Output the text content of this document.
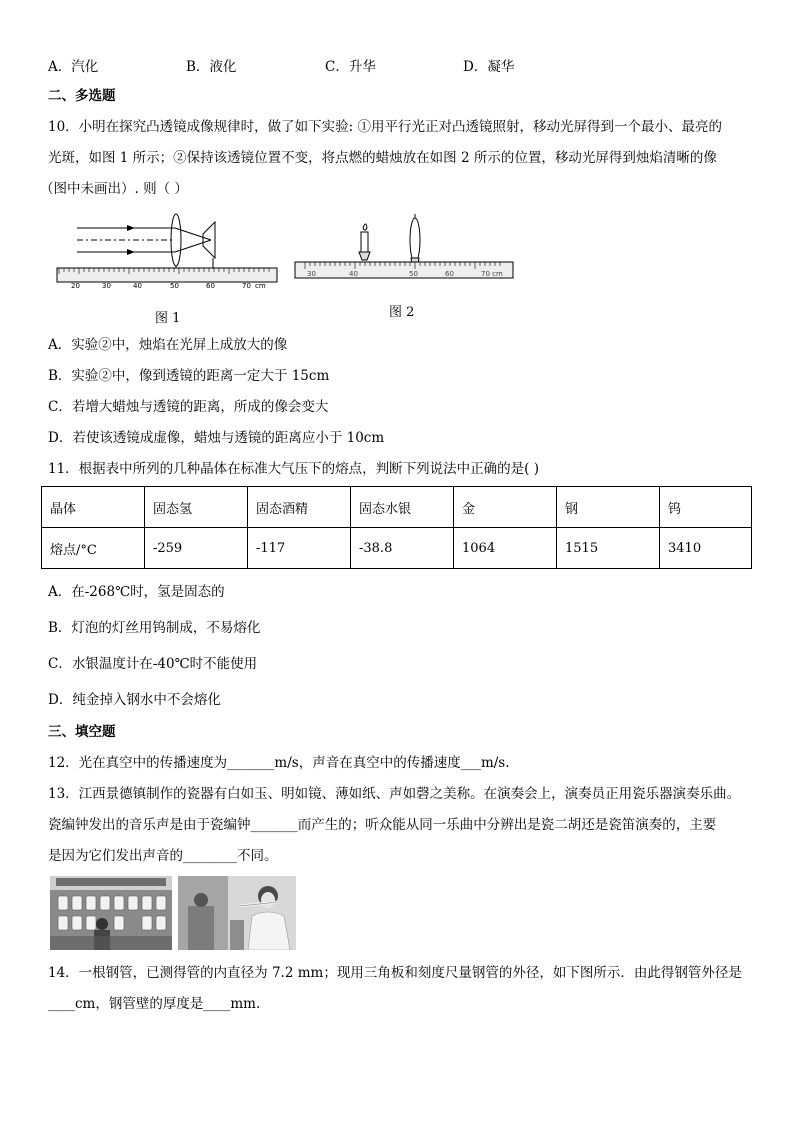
A．汽化	B．液化	C．升华	D．凝华
二、多选题
10．小明在探究凸透镜成像规律时，做了如下实验: ①用平行光正对凸透镜照射，移动光屏得到一个最小、最亮的
光斑，如图 1 所示；②保持该透镜位置不变，将点燃的蜡烛放在如图 2 所示的位置，移动光屏得到烛焰清晰的像
（图中未画出）. 则（ ）
20	30	40	50	60	70 cm
图 1
30	40	50	60	70 cm
图 2
A．实验②中，烛焰在光屏上成放大的像
B．实验②中，像到透镜的距离一定大于 15cm
C．若增大蜡烛与透镜的距离，所成的像会变大
D．若使该透镜成虚像，蜡烛与透镜的距离应小于 10cm
11．根据表中所列的几种晶体在标准大气压下的熔点，判断下列说法中正确的是( )
晶体	固态氢	固态酒精	固态水银	金	钢	钨
熔点/°C	-259	-117	-38.8	1064	1515	3410
A．在-268℃时，氢是固态的
B．灯泡的灯丝用钨制成，不易熔化
C．水银温度计在-40℃时不能使用
D．纯金掉入钢水中不会熔化
三、填空题
12．光在真空中的传播速度为_______m/s，声音在真空中的传播速度___m/s.
13．江西景德镇制作的瓷器有白如玉、明如镜、薄如纸、声如磬之美称。在演奏会上，演奏员正用瓷乐器演奏乐曲。
瓷编钟发出的音乐声是由于瓷编钟_______而产生的；听众能从同一乐曲中分辨出是瓷二胡还是瓷笛演奏的，主要
是因为它们发出声音的________不同。
14．一根钢管，已测得管的内直径为 7.2 mm；现用三角板和刻度尺量钢管的外径，如下图所示．由此得钢管外径是
____cm，钢管壁的厚度是____mm.
